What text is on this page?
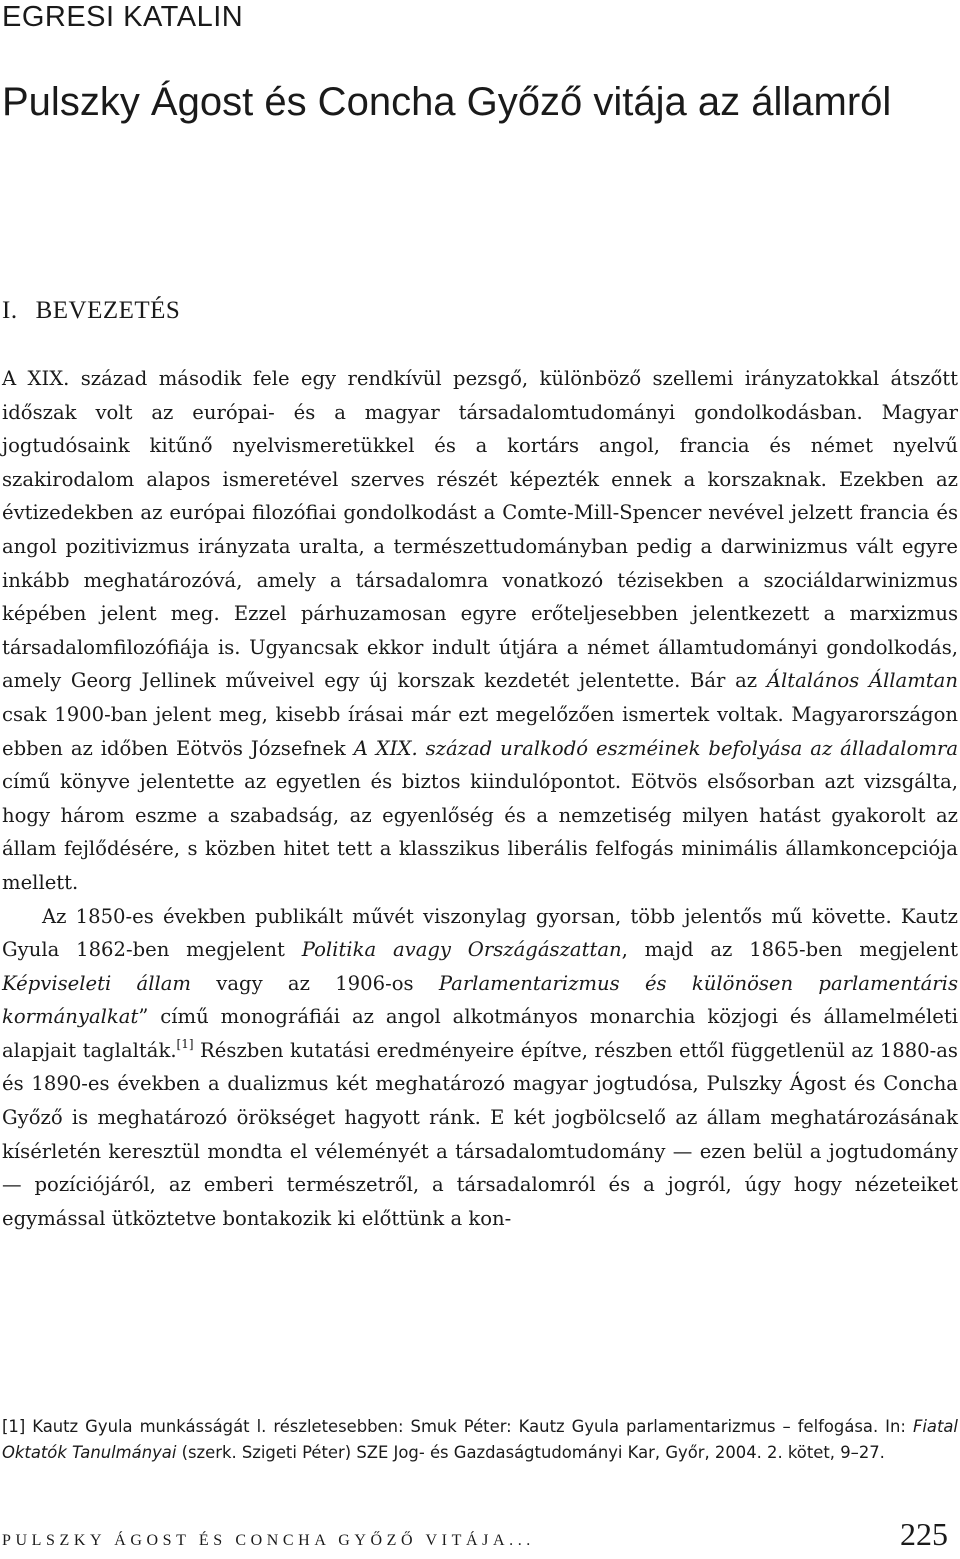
EGRESI KATALIN
Pulszky Ágost és Concha Győző vitája az államról
I. BEVEZETÉS

A XIX. század második fele egy rendkívül pezsgő, különböző szellemi irányzatokkal átszőtt időszak volt az európai- és a magyar társadalomtudományi gondolkodásban. Magyar jogtudósaink kitűnő nyelvismeretükkel és a kortárs angol, francia és német nyelvű szakirodalom alapos ismeretével szerves részét képezték ennek a korszaknak. Ezekben az évtizedekben az európai filozófiai gondolkodást a Comte-Mill-Spencer nevével jelzett francia és angol pozitivizmus irányzata uralta, a természettudományban pedig a darwinizmus vált egyre inkább meghatározóvá, amely a társadalomra vonatkozó tézisekben a szociáldarwinizmus képében jelent meg. Ezzel párhuzamosan egyre erőteljesebben jelentkezett a marxizmus társadalomfilozófiája is. Ugyancsak ekkor indult útjára a német államtudományi gondolkodás, amely Georg Jellinek műveivel egy új korszak kezdetét jelentette. Bár az Általános Államtan csak 1900-ban jelent meg, kisebb írásai már ezt megelőzően ismertek voltak. Magyarországon ebben az időben Eötvös Józsefnek A XIX. század uralkodó eszméinek befolyása az álladalomra című könyve jelentette az egyetlen és biztos kiindulópontot. Eötvös elsősorban azt vizsgálta, hogy három eszme a szabadság, az egyenlőség és a nemzetiség milyen hatást gyakorolt az állam fejlődésére, s közben hitet tett a klasszikus liberális felfogás minimális államkoncepciója mellett.

Az 1850-es években publikált művét viszonylag gyorsan, több jelentős mű követte. Kautz Gyula 1862-ben megjelent Politika avagy Országászattan, majd az 1865-ben megjelent Képviseleti állam vagy az 1906-os Parlamentarizmus és különösen parlamentáris kormányalkat” című monográfiái az angol alkotmányos monarchia közjogi és államelméleti alapjait taglalták.[1] Részben kutatási eredményeire építve, részben ettől függetlenül az 1880-as és 1890-es években a dualizmus két meghatározó magyar jogtudósa, Pulszky Ágost és Concha Győző is meghatározó örökséget hagyott ránk. E két jogbölcselő az állam meghatározásának kísérletén keresztül mondta el véleményét a társadalomtudomány — ezen belül a jogtudomány — pozíciójáról, az emberi természetről, a társadalomról és a jogról, úgy hogy nézeteiket egymással ütköztetve bontakozik ki előttünk a kon-

[1] Kautz Gyula munkásságát l. részletesebben: Smuk Péter: Kautz Gyula parlamentarizmus – felfogása. In: Fiatal Oktatók Tanulmányai (szerk. Szigeti Péter) SZE Jog- és Gazdaságtudományi Kar, Győr, 2004. 2. kötet, 9–27.
PULSZKY ÁGOST ÉS CONCHA GYŐZŐ VITÁJA...	225
